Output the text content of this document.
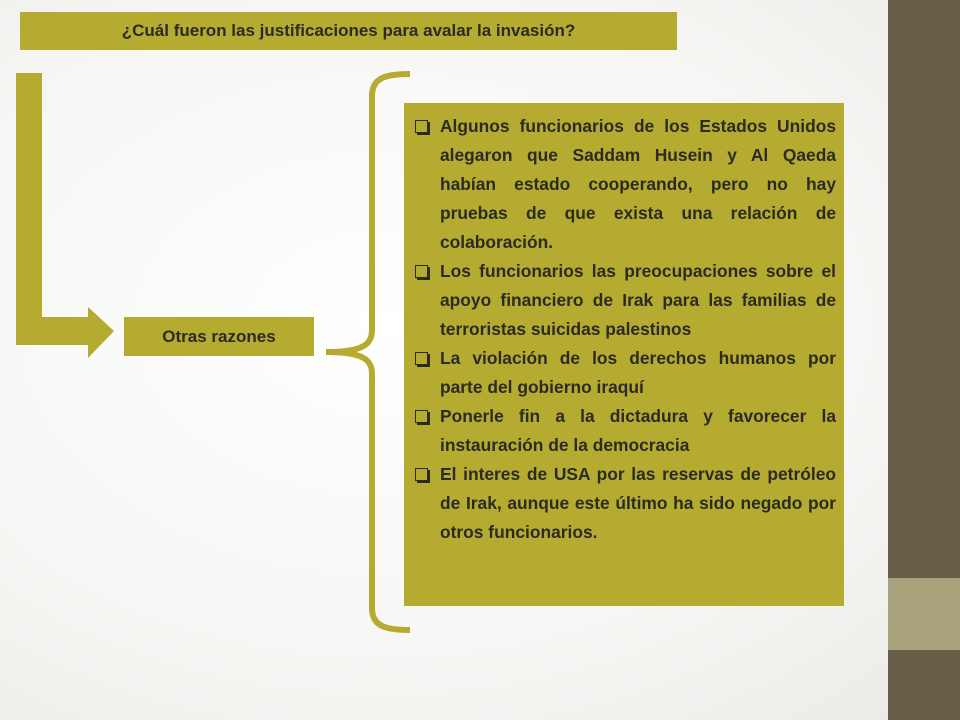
¿Cuál fueron las justificaciones para avalar la invasión?
Otras razones
Algunos funcionarios de los Estados Unidos alegaron que Saddam Husein y Al Qaeda habían estado cooperando, pero no hay pruebas de que exista una relación de colaboración.
Los funcionarios las preocupaciones sobre el apoyo financiero de Irak para las familias de terroristas suicidas palestinos
La violación de los derechos humanos por parte del gobierno iraquí
Ponerle fin a la dictadura y favorecer la instauración de la democracia
El interes de USA por las reservas de petróleo de Irak, aunque este último ha sido negado por otros funcionarios.
